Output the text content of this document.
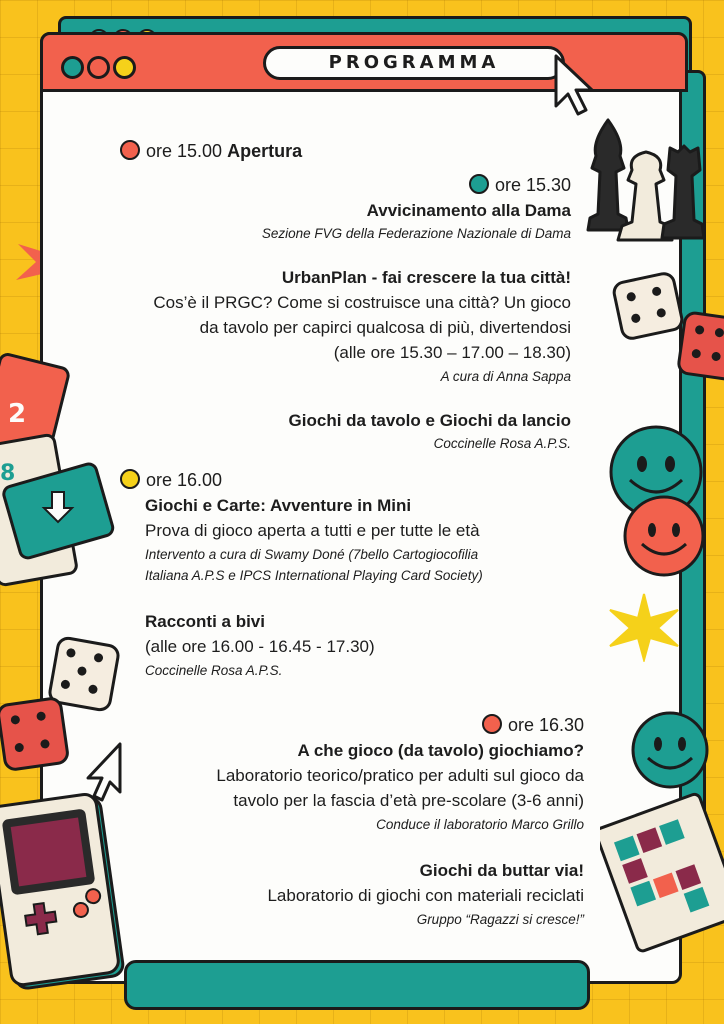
PROGRAMMA
2
8
ore 15.00 Apertura
ore 15.30
Avvicinamento alla Dama
Sezione FVG della Federazione Nazionale di Dama
UrbanPlan - fai crescere la tua città!
Cos’è il PRGC? Come si costruisce una città? Un gioco
da tavolo per capirci qualcosa di più, divertendosi
(alle ore 15.30 – 17.00 – 18.30)
A cura di Anna Sappa
Giochi da tavolo e Giochi da lancio
Coccinelle Rosa A.P.S.
ore 16.00
Giochi e Carte: Avventure in Mini
Prova di gioco aperta a tutti e per tutte le età
Intervento a cura di Swamy Doné (7bello Cartogiocofilia
Italiana A.P.S e IPCS International Playing Card Society)
Racconti a bivi
(alle ore 16.00 - 16.45 - 17.30)
Coccinelle Rosa A.P.S.
ore 16.30
A che gioco (da tavolo) giochiamo?
Laboratorio teorico/pratico per adulti sul gioco da
tavolo per la fascia d’età pre-scolare (3-6 anni)
Conduce il laboratorio Marco Grillo
Giochi da buttar via!
Laboratorio di giochi con materiali reciclati
Gruppo “Ragazzi si cresce!”
